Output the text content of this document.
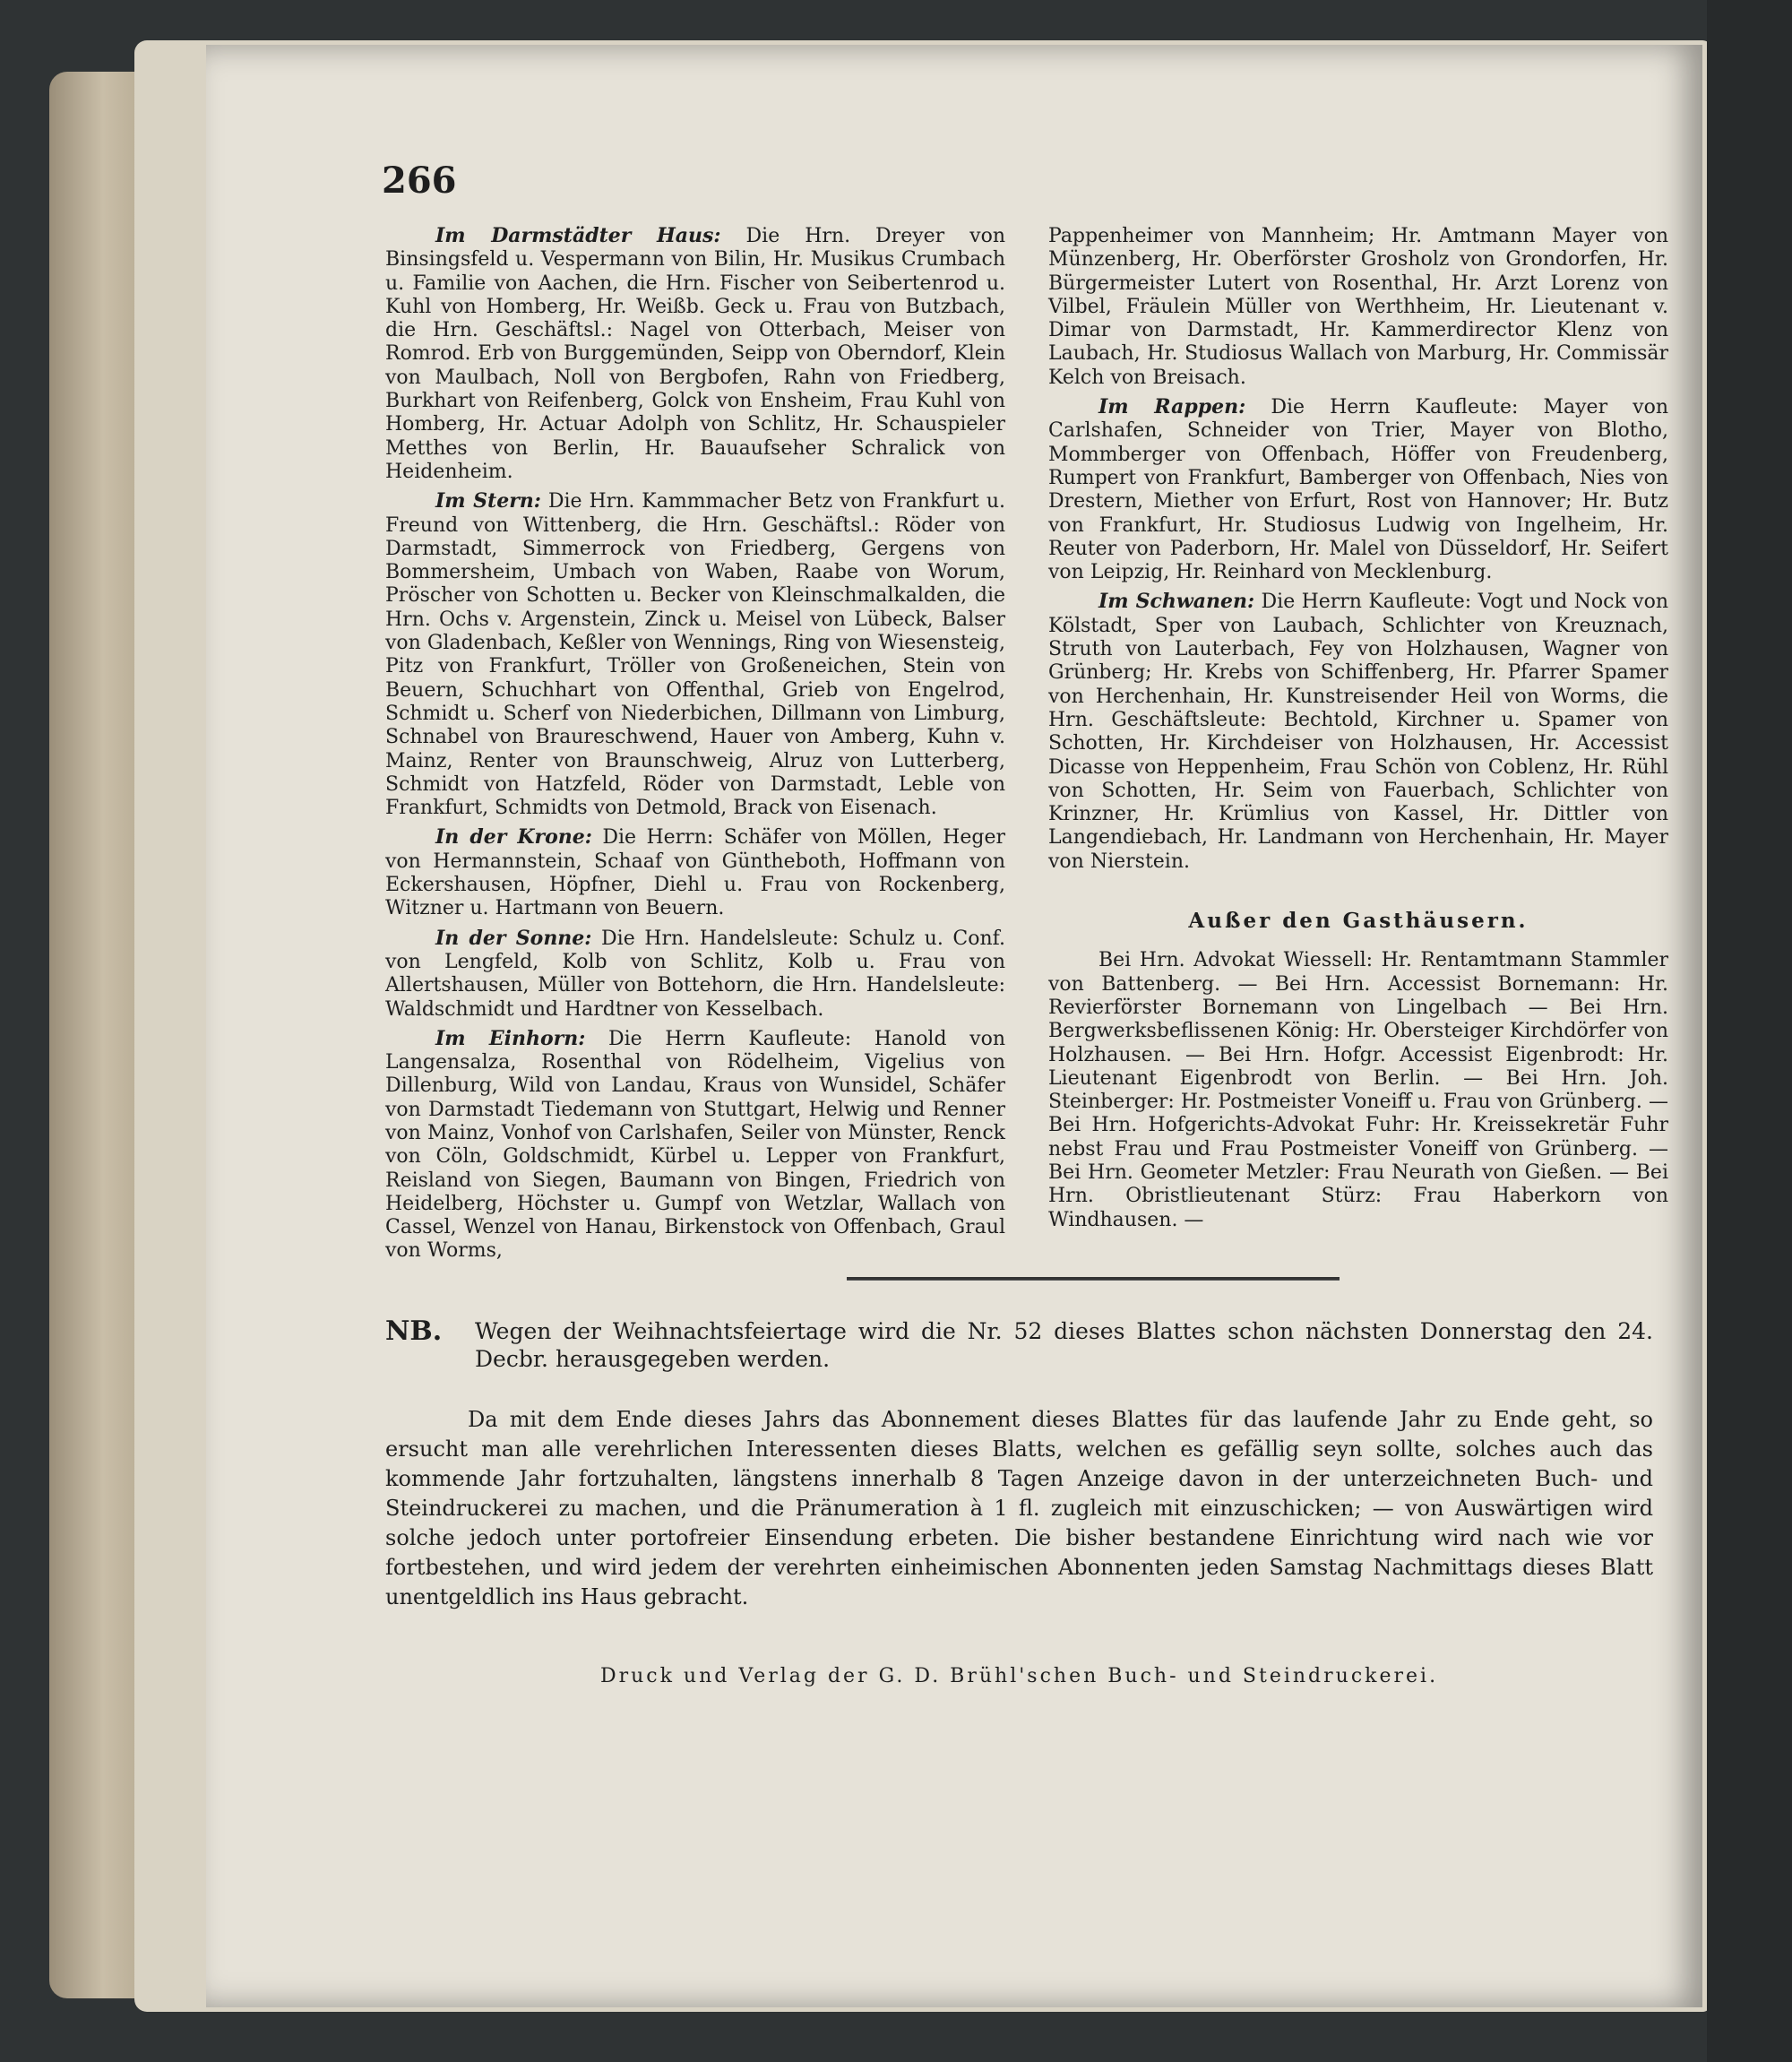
266

Im Darmstädter Haus: Die Hrn. Dreyer von Binsingsfeld u. Vespermann von Bilin, Hr. Musikus Crumbach u. Familie von Aachen, die Hrn. Fischer von Seibertenrod u. Kuhl von Homberg, Hr. Weißb. Geck u. Frau von Butzbach, die Hrn. Geschäftsl.: Nagel von Otterbach, Meiser von Romrod. Erb von Burggemünden, Seipp von Oberndorf, Klein von Maulbach, Noll von Bergbofen, Rahn von Friedberg, Burkhart von Reifenberg, Golck von Ensheim, Frau Kuhl von Homberg, Hr. Actuar Adolph von Schlitz, Hr. Schauspieler Metthes von Berlin, Hr. Bauaufseher Schralick von Heidenheim.

Im Stern: Die Hrn. Kammmacher Betz von Frankfurt u. Freund von Wittenberg, die Hrn. Geschäftsl.: Röder von Darmstadt, Simmerrock von Friedberg, Gergens von Bommersheim, Umbach von Waben, Raabe von Worum, Pröscher von Schotten u. Becker von Kleinschmalkalden, die Hrn. Ochs v. Argenstein, Zinck u. Meisel von Lübeck, Balser von Gladenbach, Keßler von Wennings, Ring von Wiesensteig, Pitz von Frankfurt, Tröller von Großeneichen, Stein von Beuern, Schuchhart von Offenthal, Grieb von Engelrod, Schmidt u. Scherf von Niederbichen, Dillmann von Limburg, Schnabel von Braureschwend, Hauer von Amberg, Kuhn v. Mainz, Renter von Braunschweig, Alruz von Lutterberg, Schmidt von Hatzfeld, Röder von Darmstadt, Leble von Frankfurt, Schmidts von Detmold, Brack von Eisenach.

In der Krone: Die Herrn: Schäfer von Möllen, Heger von Hermannstein, Schaaf von Güntheboth, Hoffmann von Eckershausen, Höpfner, Diehl u. Frau von Rockenberg, Witzner u. Hartmann von Beuern.

In der Sonne: Die Hrn. Handelsleute: Schulz u. Conf. von Lengfeld, Kolb von Schlitz, Kolb u. Frau von Allertshausen, Müller von Bottehorn, die Hrn. Handelsleute: Waldschmidt und Hardtner von Kesselbach.

Im Einhorn: Die Herrn Kaufleute: Hanold von Langensalza, Rosenthal von Rödelheim, Vigelius von Dillenburg, Wild von Landau, Kraus von Wunsidel, Schäfer von Darmstadt Tiedemann von Stuttgart, Helwig und Renner von Mainz, Vonhof von Carlshafen, Seiler von Münster, Renck von Cöln, Goldschmidt, Kürbel u. Lepper von Frankfurt, Reisland von Siegen, Baumann von Bingen, Friedrich von Heidelberg, Höchster u. Gumpf von Wetzlar, Wallach von Cassel, Wenzel von Hanau, Birkenstock von Offenbach, Graul von Worms,

Pappenheimer von Mannheim; Hr. Amtmann Mayer von Münzenberg, Hr. Oberförster Grosholz von Grondorfen, Hr. Bürgermeister Lutert von Rosenthal, Hr. Arzt Lorenz von Vilbel, Fräulein Müller von Werthheim, Hr. Lieutenant v. Dimar von Darmstadt, Hr. Kammerdirector Klenz von Laubach, Hr. Studiosus Wallach von Marburg, Hr. Commissär Kelch von Breisach.

Im Rappen: Die Herrn Kaufleute: Mayer von Carlshafen, Schneider von Trier, Mayer von Blotho, Mommberger von Offenbach, Höffer von Freudenberg, Rumpert von Frankfurt, Bamberger von Offenbach, Nies von Drestern, Miether von Erfurt, Rost von Hannover; Hr. Butz von Frankfurt, Hr. Studiosus Ludwig von Ingelheim, Hr. Reuter von Paderborn, Hr. Malel von Düsseldorf, Hr. Seifert von Leipzig, Hr. Reinhard von Mecklenburg.

Im Schwanen: Die Herrn Kaufleute: Vogt und Nock von Kölstadt, Sper von Laubach, Schlichter von Kreuznach, Struth von Lauterbach, Fey von Holzhausen, Wagner von Grünberg; Hr. Krebs von Schiffenberg, Hr. Pfarrer Spamer von Herchenhain, Hr. Kunstreisender Heil von Worms, die Hrn. Geschäftsleute: Bechtold, Kirchner u. Spamer von Schotten, Hr. Kirchdeiser von Holzhausen, Hr. Accessist Dicasse von Heppenheim, Frau Schön von Coblenz, Hr. Rühl von Schotten, Hr. Seim von Fauerbach, Schlichter von Krinzner, Hr. Krümlius von Kassel, Hr. Dittler von Langendiebach, Hr. Landmann von Herchenhain, Hr. Mayer von Nierstein.

Außer den Gasthäusern.

Bei Hrn. Advokat Wiessell: Hr. Rentamtmann Stammler von Battenberg. — Bei Hrn. Accessist Bornemann: Hr. Revierförster Bornemann von Lingelbach — Bei Hrn. Bergwerksbeflissenen König: Hr. Obersteiger Kirchdörfer von Holzhausen. — Bei Hrn. Hofgr. Accessist Eigenbrodt: Hr. Lieutenant Eigenbrodt von Berlin. — Bei Hrn. Joh. Steinberger: Hr. Postmeister Voneiff u. Frau von Grünberg. — Bei Hrn. Hofgerichts-Advokat Fuhr: Hr. Kreissekretär Fuhr nebst Frau und Frau Postmeister Voneiff von Grünberg. — Bei Hrn. Geometer Metzler: Frau Neurath von Gießen. — Bei Hrn. Obristlieutenant Stürz: Frau Haberkorn von Windhausen. —

NB.	Wegen der Weihnachtsfeiertage wird die Nr. 52 dieses Blattes schon nächsten Donnerstag den 24. Decbr. herausgegeben werden.
Da mit dem Ende dieses Jahrs das Abonnement dieses Blattes für das laufende Jahr zu Ende geht, so ersucht man alle verehrlichen Interessenten dieses Blatts, welchen es gefällig seyn sollte, solches auch das kommende Jahr fortzuhalten, längstens innerhalb 8 Tagen Anzeige davon in der unterzeichneten Buch- und Steindruckerei zu machen, und die Pränumeration à 1 fl. zugleich mit einzuschicken; — von Auswärtigen wird solche jedoch unter portofreier Einsendung erbeten. Die bisher bestandene Einrichtung wird nach wie vor fortbestehen, und wird jedem der verehrten einheimischen Abonnenten jeden Samstag Nachmittags dieses Blatt unentgeldlich ins Haus gebracht.
Druck und Verlag der G. D. Brühl'schen Buch- und Steindruckerei.
